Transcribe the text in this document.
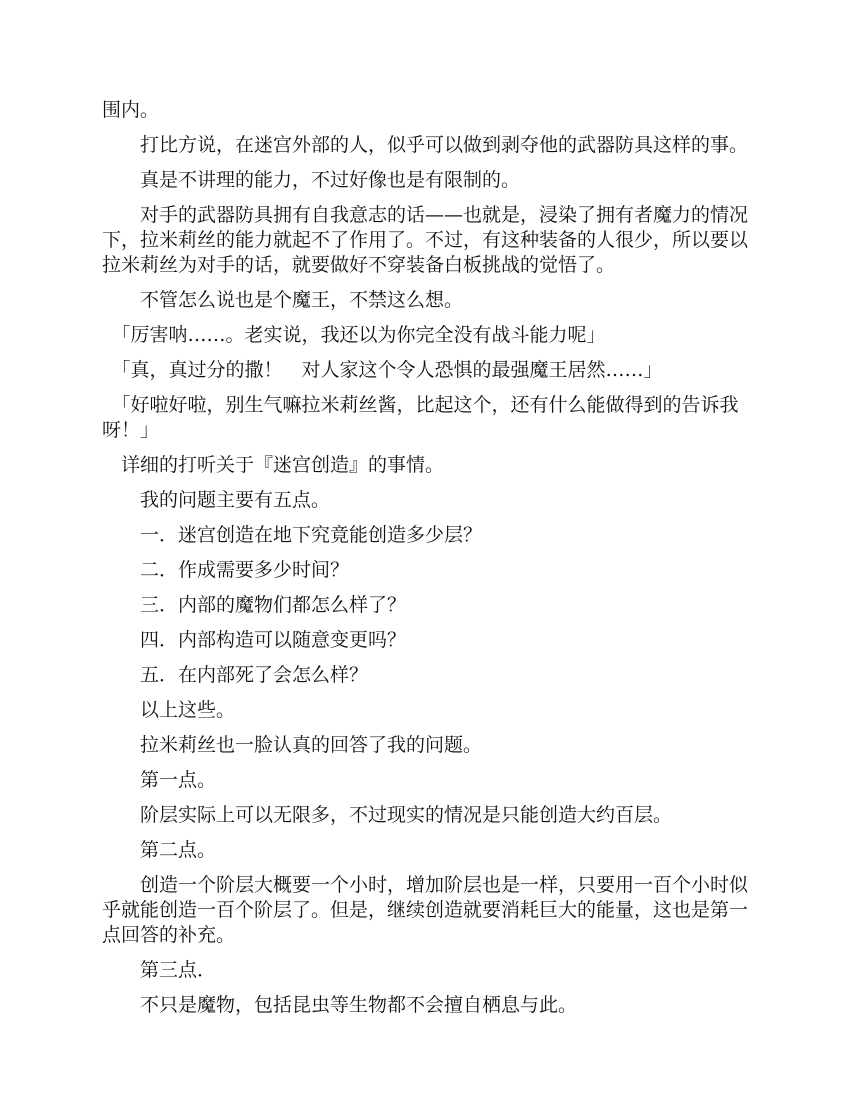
围内。

　　打比方说，在迷宫外部的人，似乎可以做到剥夺他的武器防具这样的事。

　　真是不讲理的能力，不过好像也是有限制的。

　　对手的武器防具拥有自我意志的话——也就是，浸染了拥有者魔力的情况下，拉米莉丝的能力就起不了作用了。不过，有这种装备的人很少，所以要以拉米莉丝为对手的话，就要做好不穿装备白板挑战的觉悟了。

　　不管怎么说也是个魔王，不禁这么想。

　「厉害呐……。老实说，我还以为你完全没有战斗能力呢」

　「真，真过分的撒！　对人家这个令人恐惧的最强魔王居然……」

　「好啦好啦，别生气嘛拉米莉丝酱，比起这个，还有什么能做得到的告诉我呀！」

　详细的打听关于『迷宫创造』的事情。

　　我的问题主要有五点。

　　一．迷宫创造在地下究竟能创造多少层？

　　二．作成需要多少时间？

　　三．内部的魔物们都怎么样了？

　　四．内部构造可以随意变更吗？

　　五．在内部死了会怎么样？

　　以上这些。

　　拉米莉丝也一脸认真的回答了我的问题。

　　第一点。

　　阶层实际上可以无限多，不过现实的情况是只能创造大约百层。

　　第二点。

　　创造一个阶层大概要一个小时，增加阶层也是一样，只要用一百个小时似乎就能创造一百个阶层了。但是，继续创造就要消耗巨大的能量，这也是第一点回答的补充。

　　第三点．

　　不只是魔物，包括昆虫等生物都不会擅自栖息与此。
